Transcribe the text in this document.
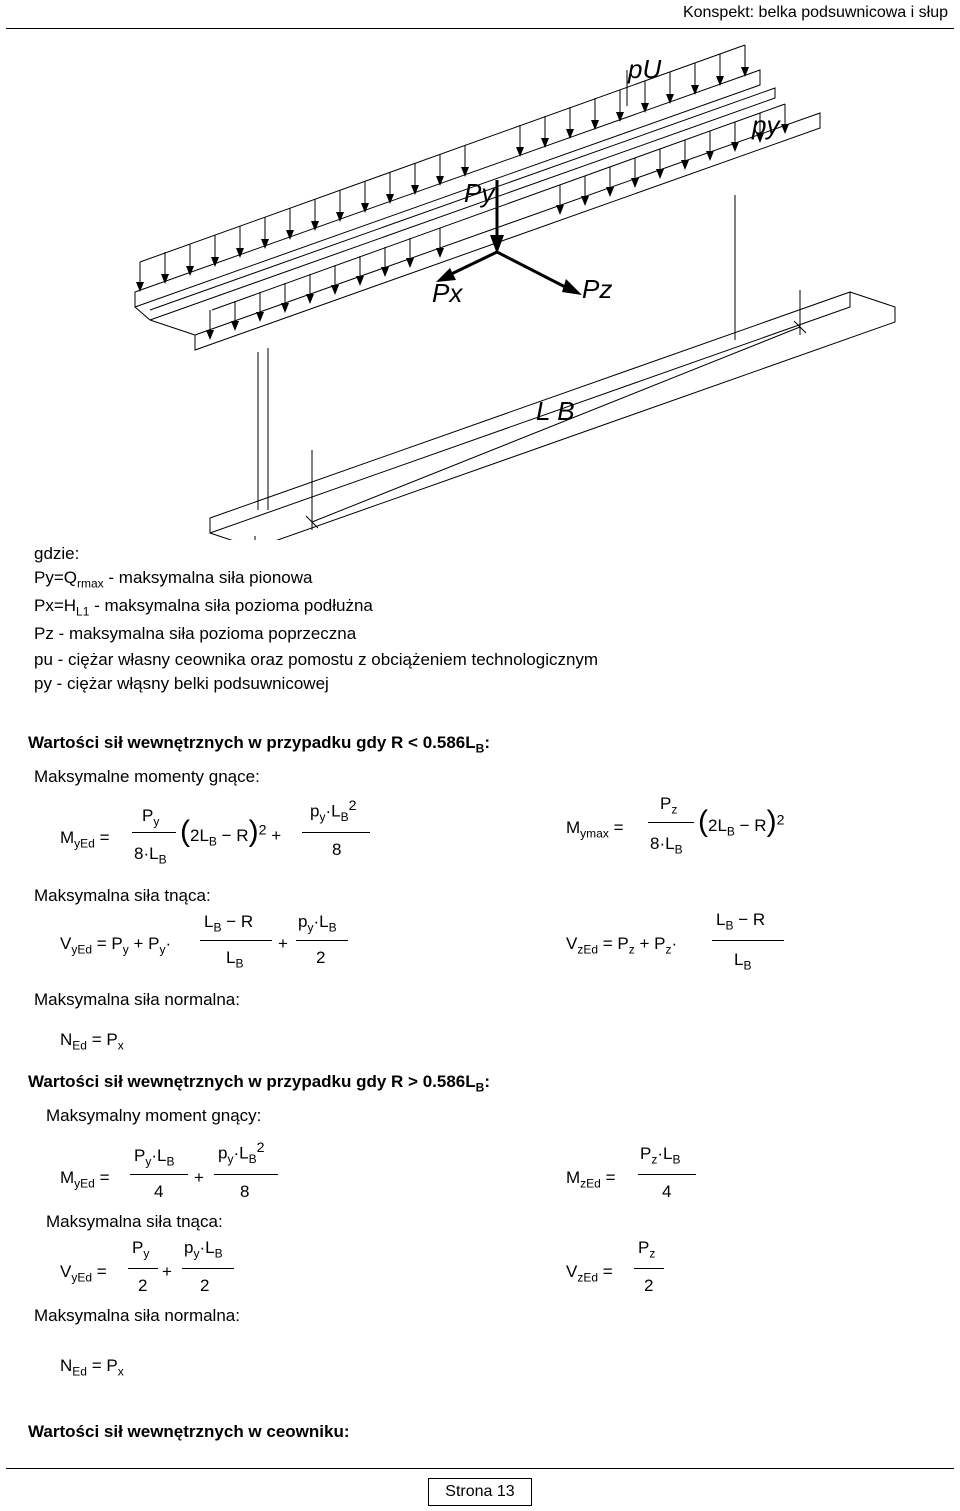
Konspekt: belka podsuwnicowa i słup
pU
py
Py
Px	Pz
L B
gdzie:
$Py=Q_{rmax}$ - maksymalna siła pionowa
$Px=H_{L1}$ - maksymalna siła pozioma podłużna
Pz - maksymalna siła pozioma poprzeczna
pu - ciężar własny ceownika oraz pomostu z obciążeniem technologicznym
py - ciężar włąsny belki podsuwnicowej
Wartości sił wewnętrznych w przypadku gdy $R < 0.586L_B$:
Maksymalne momenty gnące:
$M_{yEd}$ =
$P_y$
$8\cdot L_B$
$(2L_B - R)^2$ +
$p_y\cdot L_B^2$
8
$M_{ymax}$ =
$P_z$
$8\cdot L_B$
$(2L_B - R)^2$
Maksymalna siła tnąca:
$V_{yEd} = P_y + P_y\cdot$
$L_B - R$
$L_B$
+
$p_y\cdot L_B$
2
$V_{zEd} = P_z + P_z\cdot$
$L_B - R$
$L_B$
Maksymalna siła normalna:
$N_{Ed} = P_x$
Wartości sił wewnętrznych w przypadku gdy $R > 0.586L_B$:
Maksymalny moment gnący:
$M_{yEd}$ =
$P_y\cdot L_B$
4
+
$p_y\cdot L_B^2$
8
$M_{zEd}$ =
$P_z\cdot L_B$
4
Maksymalna siła tnąca:
$V_{yEd}$ =
$P_y$
2
+
$p_y\cdot L_B$
2
$V_{zEd}$ =
$P_z$
2
Maksymalna siła normalna:
$N_{Ed} = P_x$
Wartości sił wewnętrznych w ceowniku:
Strona 13
